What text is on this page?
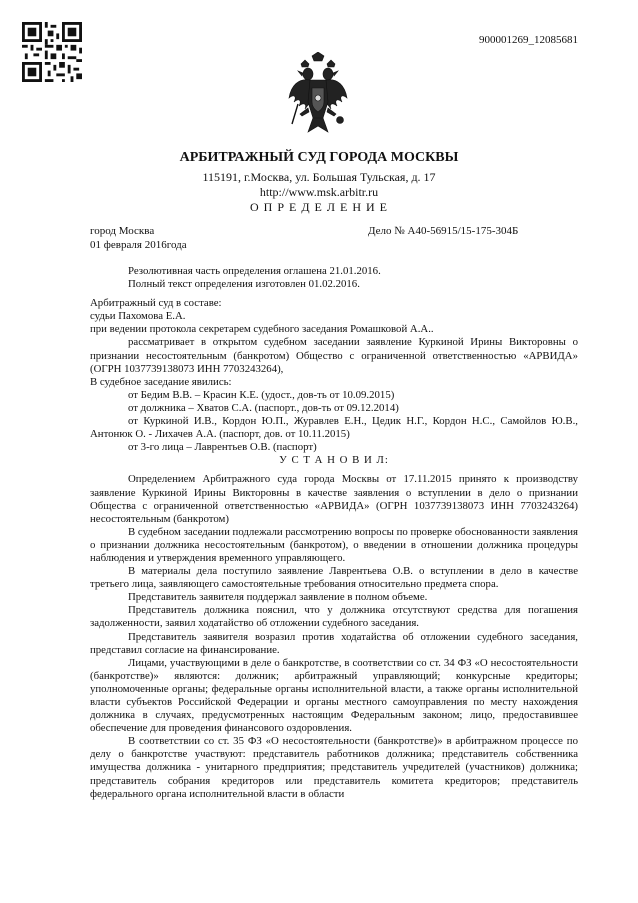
900001269_12085681
АРБИТРАЖНЫЙ СУД ГОРОДА МОСКВЫ
115191, г.Москва, ул. Большая Тульская, д. 17
http://www.msk.arbitr.ru
О П Р Е Д Е Л Е Н И Е
город Москва
01 февраля 2016года
Дело № А40-56915/15-175-304Б

Резолютивная часть определения оглашена 21.01.2016.

Полный текст определения изготовлен 01.02.2016.

Арбитражный суд в составе:

судьи Пахомова Е.А.

при ведении протокола секретарем судебного заседания Ромашковой А.А..

рассматривает в открытом судебном заседании заявление Куркиной Ирины Викторовны о признании несостоятельным (банкротом) Общество с ограниченной ответственностью «АРВИДА» (ОГРН 1037739138073 ИНН 7703243264),

В судебное заседание явились:

от Бедим В.В. – Красин К.Е. (удост., дов-ть от 10.09.2015)

от должника – Хватов С.А. (паспорт., дов-ть от 09.12.2014)

от Куркиной И.В., Кордон Ю.П., Журавлев Е.Н., Цедик Н.Г., Кордон Н.С., Самойлов Ю.В., Антонюк О. - Лихачев А.А. (паспорт, дов. от 10.11.2015)

от 3-го лица – Лаврентьев О.В. (паспорт)

У С Т А Н О В И Л:

Определением Арбитражного суда города Москвы от 17.11.2015 принято к производству заявление Куркиной Ирины Викторовны в качестве заявления о вступлении в дело о признании Общества с ограниченной ответственностью «АРВИДА» (ОГРН 1037739138073 ИНН 7703243264) несостоятельным (банкротом)

В судебном заседании подлежали рассмотрению вопросы по проверке обоснованности заявления о признании должника несостоятельным (банкротом), о введении в отношении должника процедуры наблюдения и утверждения временного управляющего.

В материалы дела поступило заявление Лаврентьева О.В. о вступлении в дело в качестве третьего лица, заявляющего самостоятельные требования относительно предмета спора.

Представитель заявителя поддержал заявление в полном объеме.

Представитель должника пояснил, что у должника отсутствуют средства для погашения задолженности, заявил ходатайство об отложении судебного заседания.

Представитель заявителя возразил против ходатайства об отложении судебного заседания, представил согласие на финансирование.

Лицами, участвующими в деле о банкротстве, в соответствии со ст. 34 ФЗ «О несостоятельности (банкротстве)» являются: должник; арбитражный управляющий; конкурсные кредиторы; уполномоченные органы; федеральные органы исполнительной власти, а также органы исполнительной власти субъектов Российской Федерации и органы местного самоуправления по месту нахождения должника в случаях, предусмотренных настоящим Федеральным законом; лицо, предоставившее обеспечение для проведения финансового оздоровления.

В соответствии со ст. 35 ФЗ «О несостоятельности (банкротстве)» в арбитражном процессе по делу о банкротстве участвуют: представитель работников должника; представитель собственника имущества должника - унитарного предприятия; представитель учредителей (участников) должника; представитель собрания кредиторов или представитель комитета кредиторов; представитель федерального органа исполнительной власти в области
